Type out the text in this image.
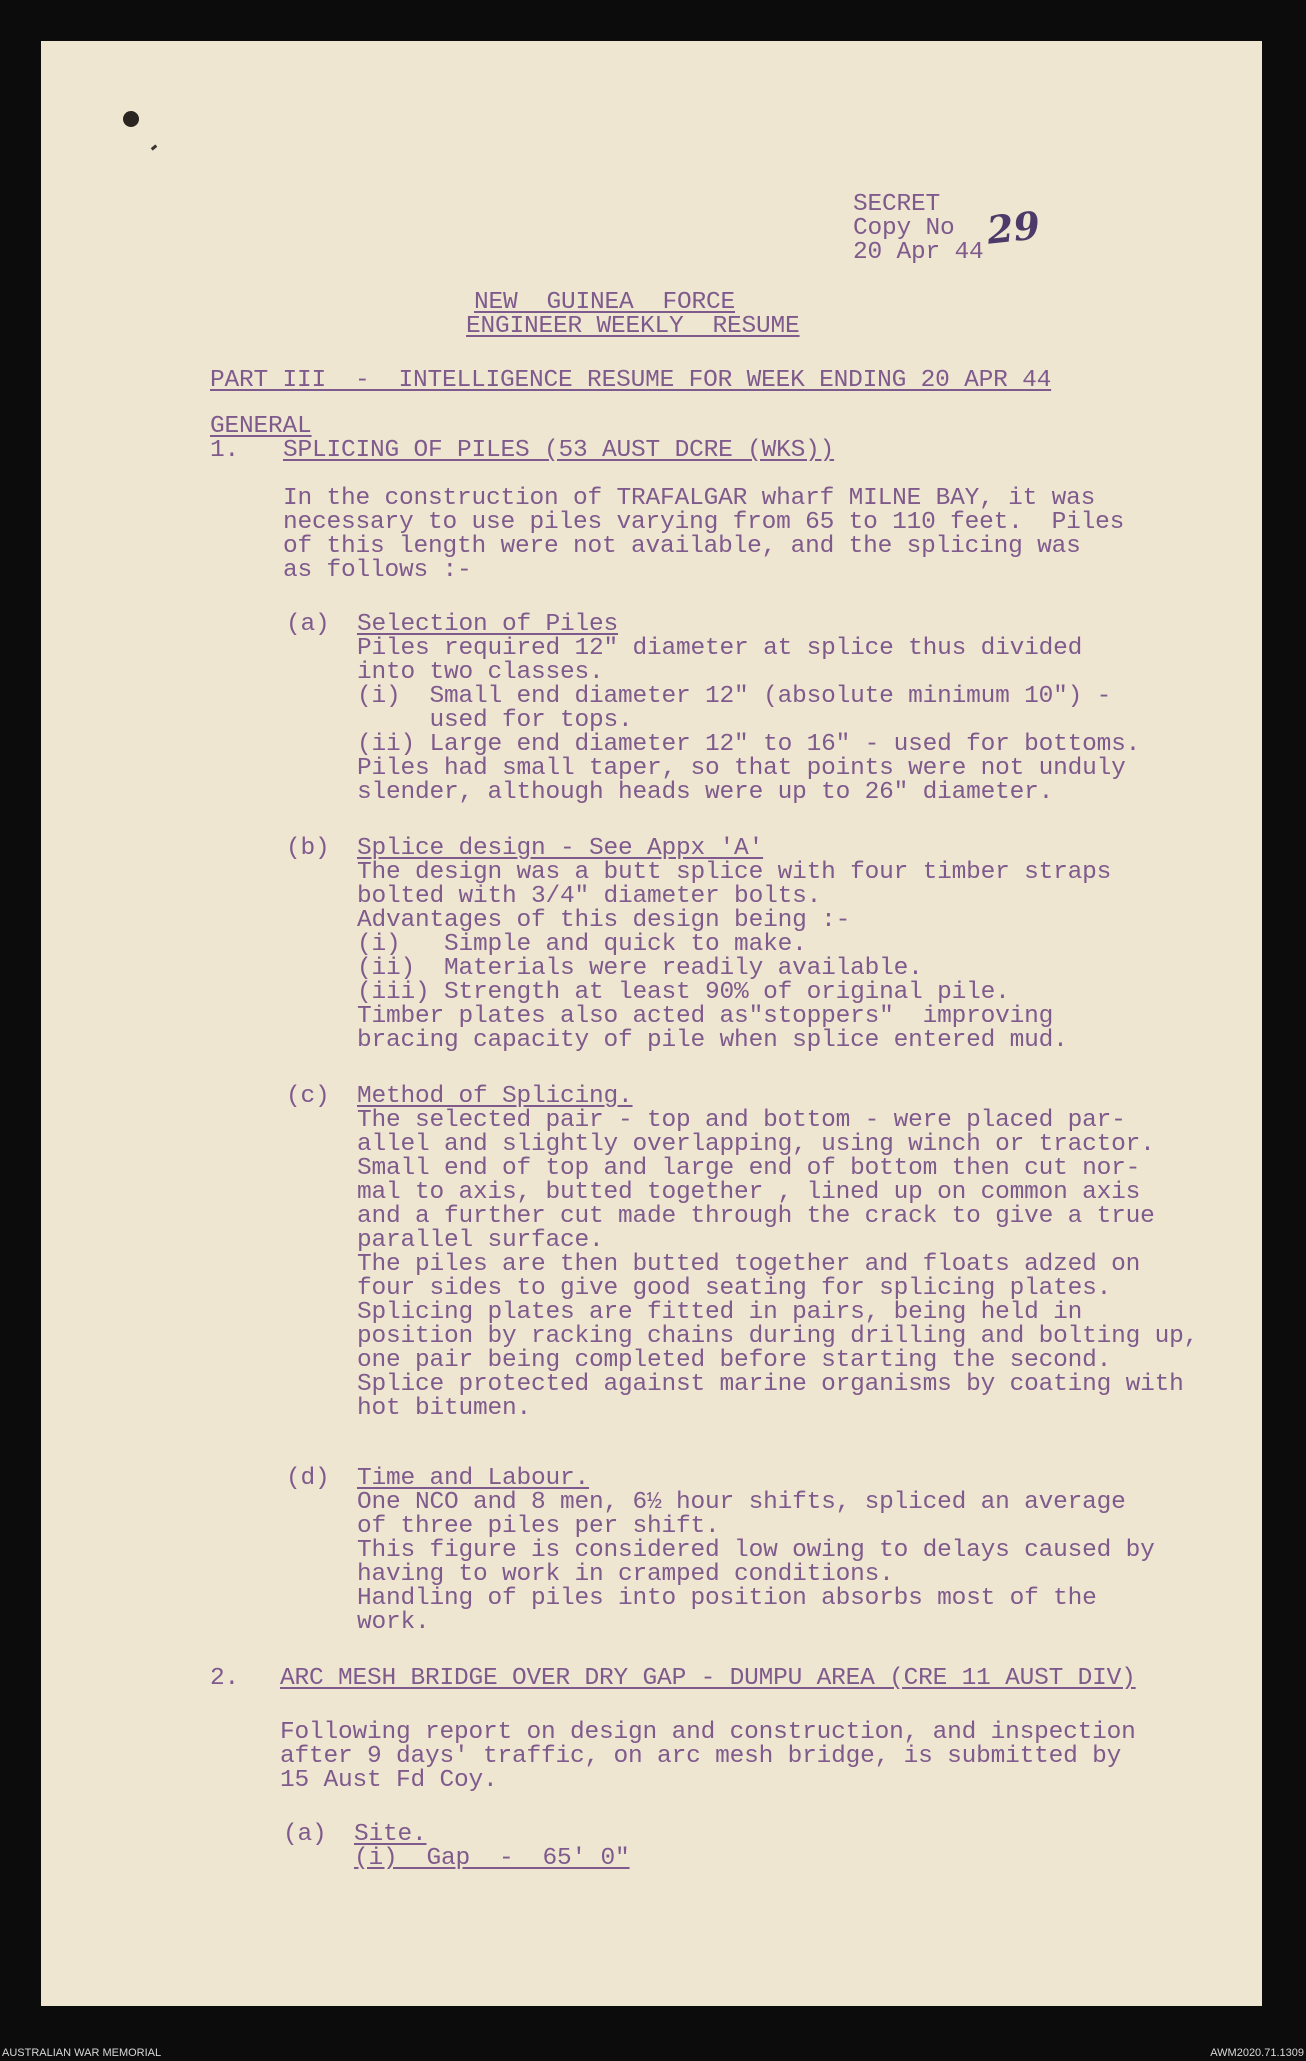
SECRET
Copy No 29
20 Apr 44
NEW  GUINEA  FORCE
ENGINEER WEEKLY  RESUME
PART III  -  INTELLIGENCE RESUME FOR WEEK ENDING 20 APR 44
GENERAL
1. SPLICING OF PILES (53 AUST DCRE (WKS))
In the construction of TRAFALGAR wharf MILNE BAY, it was
necessary to use piles varying from 65 to 110 feet.  Piles
of this length were not available, and the splicing was
as follows :-
(a) Selection of Piles
Piles required 12" diameter at splice thus divided
into two classes.
(i)  Small end diameter 12" (absolute minimum 10") -
used for tops.
(ii) Large end diameter 12" to 16" - used for bottoms.
Piles had small taper, so that points were not unduly
slender, although heads were up to 26" diameter.
(b) Splice design - See Appx 'A'
The design was a butt splice with four timber straps
bolted with 3/4" diameter bolts.
Advantages of this design being :-
(i)   Simple and quick to make.
(ii)  Materials were readily available.
(iii) Strength at least 90% of original pile.
Timber plates also acted as"stoppers"  improving
bracing capacity of pile when splice entered mud.
(c) Method of Splicing.
The selected pair - top and bottom - were placed par-
allel and slightly overlapping, using winch or tractor.
Small end of top and large end of bottom then cut nor-
mal to axis, butted together , lined up on common axis
and a further cut made through the crack to give a true
parallel surface.
The piles are then butted together and floats adzed on
four sides to give good seating for splicing plates.
Splicing plates are fitted in pairs, being held in
position by racking chains during drilling and bolting up,
one pair being completed before starting the second.
Splice protected against marine organisms by coating with
hot bitumen.
(d) Time and Labour.
One NCO and 8 men, 6½ hour shifts, spliced an average
of three piles per shift.
This figure is considered low owing to delays caused by
having to work in cramped conditions.
Handling of piles into position absorbs most of the
work.
2. ARC MESH BRIDGE OVER DRY GAP - DUMPU AREA (CRE 11 AUST DIV)
Following report on design and construction, and inspection
after 9 days' traffic, on arc mesh bridge, is submitted by
15 Aust Fd Coy.
(a) Site.
(i)  Gap  -  65' 0"
AUSTRALIAN WAR MEMORIAL	AWM2020.71.1309
